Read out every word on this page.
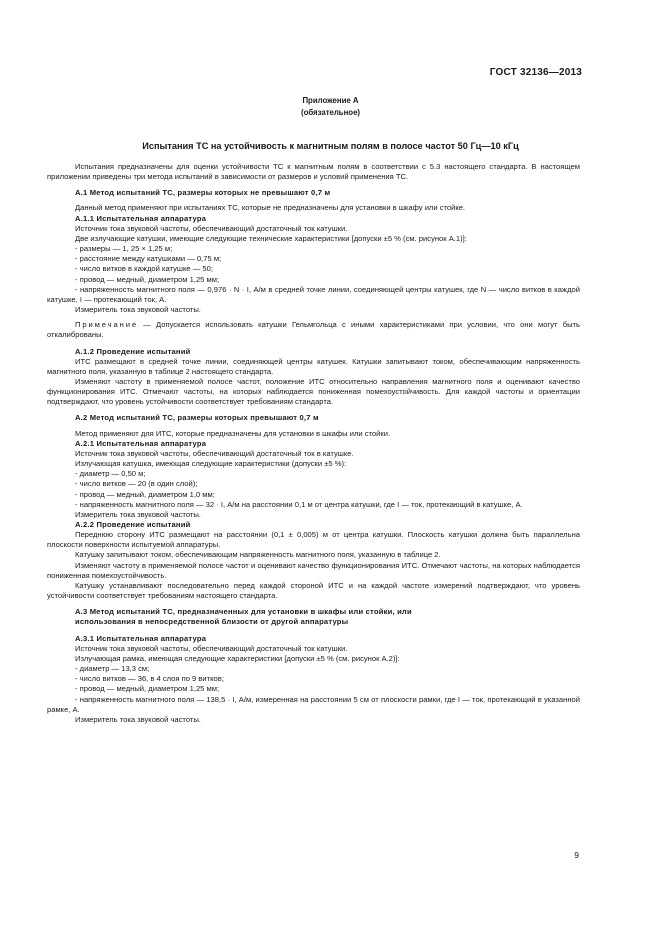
ГОСТ 32136—2013
Приложение А
(обязательное)
Испытания ТС на устойчивость к магнитным полям в полосе частот 50 Гц—10 кГц

Испытания предназначены для оценки устойчивости ТС к магнитным полям в соответствии с 5.3 настоящего стандарта. В настоящем приложении приведены три метода испытаний в зависимости от размеров и условий применения ТС.

А.1 Метод испытаний ТС, размеры которых не превышают 0,7 м

Данный метод применяют при испытаниях ТС, которые не предназначены для установки в шкафу или стойке.

А.1.1 Испытательная аппаратура

Источник тока звуковой частоты, обеспечивающий достаточный ток катушки.

Две излучающие катушки, имеющие следующие технические характеристики [допуски ±5 % (см. рисунок А.1)]:

- размеры — 1, 25 × 1,25 м;

- расстояние между катушками — 0,75 м;

- число витков в каждой катушке — 50;

- провод — медный, диаметром 1,25 мм;

- напряженность магнитного поля — 0,976 · N · I, А/м в средней точке линии, соединяющей центры катушек, где N — число витков в каждой катушке, I — протекающий ток, А.

Измеритель тока звуковой частоты.

Примечание — Допускается использовать катушки Гельмгольца с иными характеристиками при условии, что они могут быть откалиброваны.

А.1.2 Проведение испытаний

ИТС размещают в средней точке линии, соединяющей центры катушек. Катушки запитывают током, обеспечивающим напряженность магнитного поля, указанную в таблице 2 настоящего стандарта.

Изменяют частоту в применяемой полосе частот, положение ИТС относительно направления магнитного поля и оценивают качество функционирования ИТС. Отмечают частоты, на которых наблюдается пониженная помехоустойчивость. Для каждой частоты и ориентации подтверждают, что уровень устойчивости соответствует требованиям стандарта.

А.2 Метод испытаний ТС, размеры которых превышают 0,7 м

Метод применяют для ИТС, которые предназначены для установки в шкафы или стойки.

А.2.1 Испытательная аппаратура

Источник тока звуковой частоты, обеспечивающий достаточный ток в катушке.

Излучающая катушка, имеющая следующие характеристики (допуски ±5 %):

- диаметр — 0,50 м;

- число витков — 20 (в один слой);

- провод — медный, диаметром 1,0 мм;

- напряженность магнитного поля — 32 · I, А/м на расстоянии 0,1 м от центра катушки, где I — ток, протекающий в катушке, А.

Измеритель тока звуковой частоты.

А.2.2 Проведение испытаний

Переднюю сторону ИТС размещают на расстоянии (0,1 ± 0,005) м от центра катушки. Плоскость катушки должна быть параллельна плоскости поверхности испытуемой аппаратуры.

Катушку запитывают током, обеспечивающим напряженность магнитного поля, указанную в таблице 2.

Изменяют частоту в применяемой полосе частот и оценивают качество функционирования ИТС. Отмечают частоты, на которых наблюдается пониженная помехоустойчивость.

Катушку устанавливают последовательно перед каждой стороной ИТС и на каждой частоте измерений подтверждают, что уровень устойчивости соответствует требованиям настоящего стандарта.

А.3 Метод испытаний ТС, предназначенных для установки в шкафы или стойки, или

использования в непосредственной близости от другой аппаратуры

А.3.1 Испытательная аппаратура

Источник тока звуковой частоты, обеспечивающий достаточный ток катушки.

Излучающая рамка, имеющая следующие характеристики [допуски ±5 % (см. рисунок А.2)]:

- диаметр — 13,3 см;

- число витков — 36, в 4 слоя по 9 витков;

- провод — медный, диаметром 1,25 мм;

- напряженность магнитного поля — 138,5 · I, А/м, измеренная на расстоянии 5 см от плоскости рамки, где I — ток, протекающий в указанной рамке, А.

Измеритель тока звуковой частоты.

9
